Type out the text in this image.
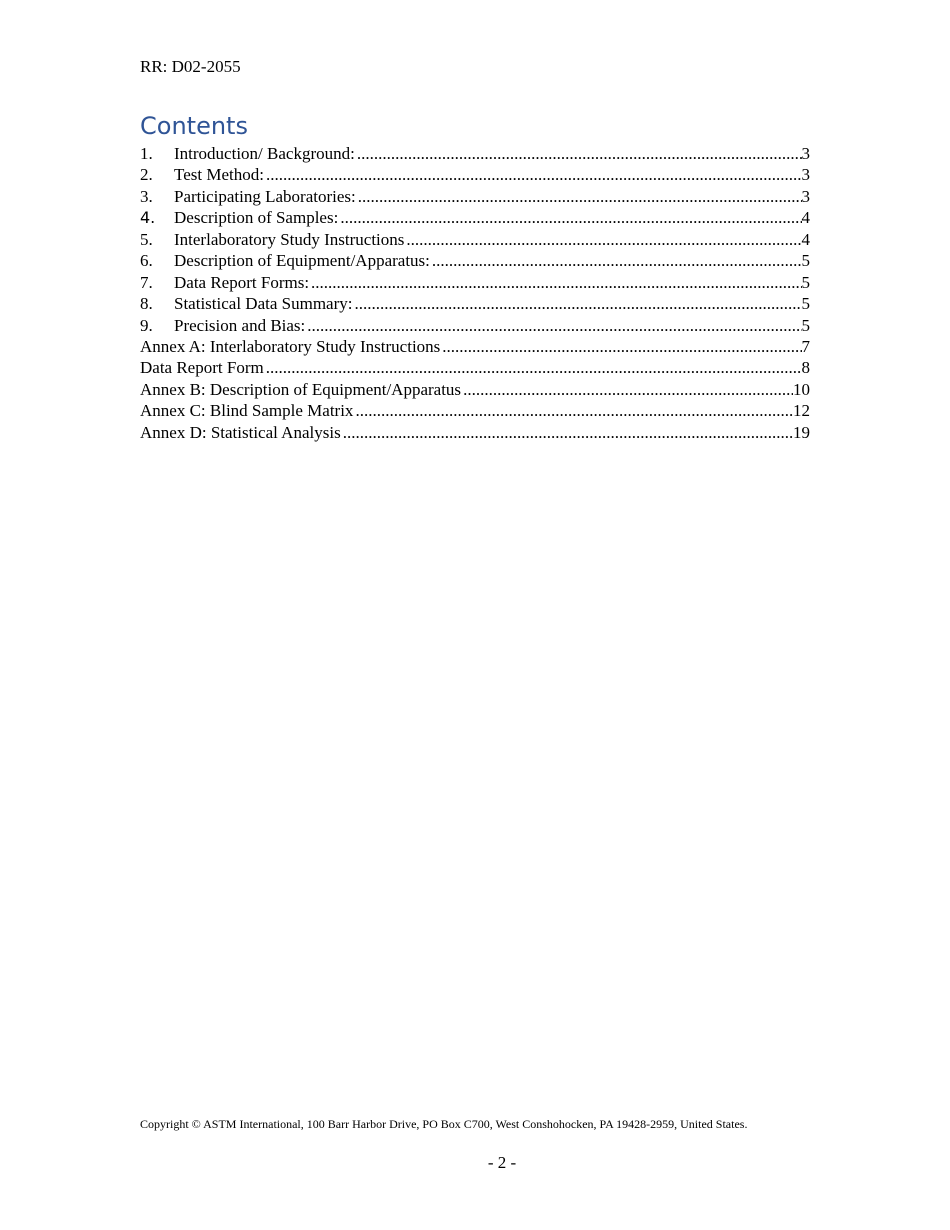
RR: D02-2055
Contents
1.	Introduction/ Background: .....	3
2.	Test Method: .....	3
3.	Participating Laboratories: .....	3
4.	Description of Samples: .....	4
5.	Interlaboratory Study Instructions .....	4
6.	Description of Equipment/Apparatus: .....	5
7.	Data Report Forms: .....	5
8.	Statistical Data Summary: .....	5
9.	Precision and Bias: .....	5
Annex A: Interlaboratory Study Instructions .....	7
Data Report Form .....	8
Annex B: Description of Equipment/Apparatus .....	10
Annex C: Blind Sample Matrix .....	12
Annex D: Statistical Analysis .....	19
Copyright © ASTM International, 100 Barr Harbor Drive, PO Box C700, West Conshohocken, PA 19428-2959, United States.
- 2 -
